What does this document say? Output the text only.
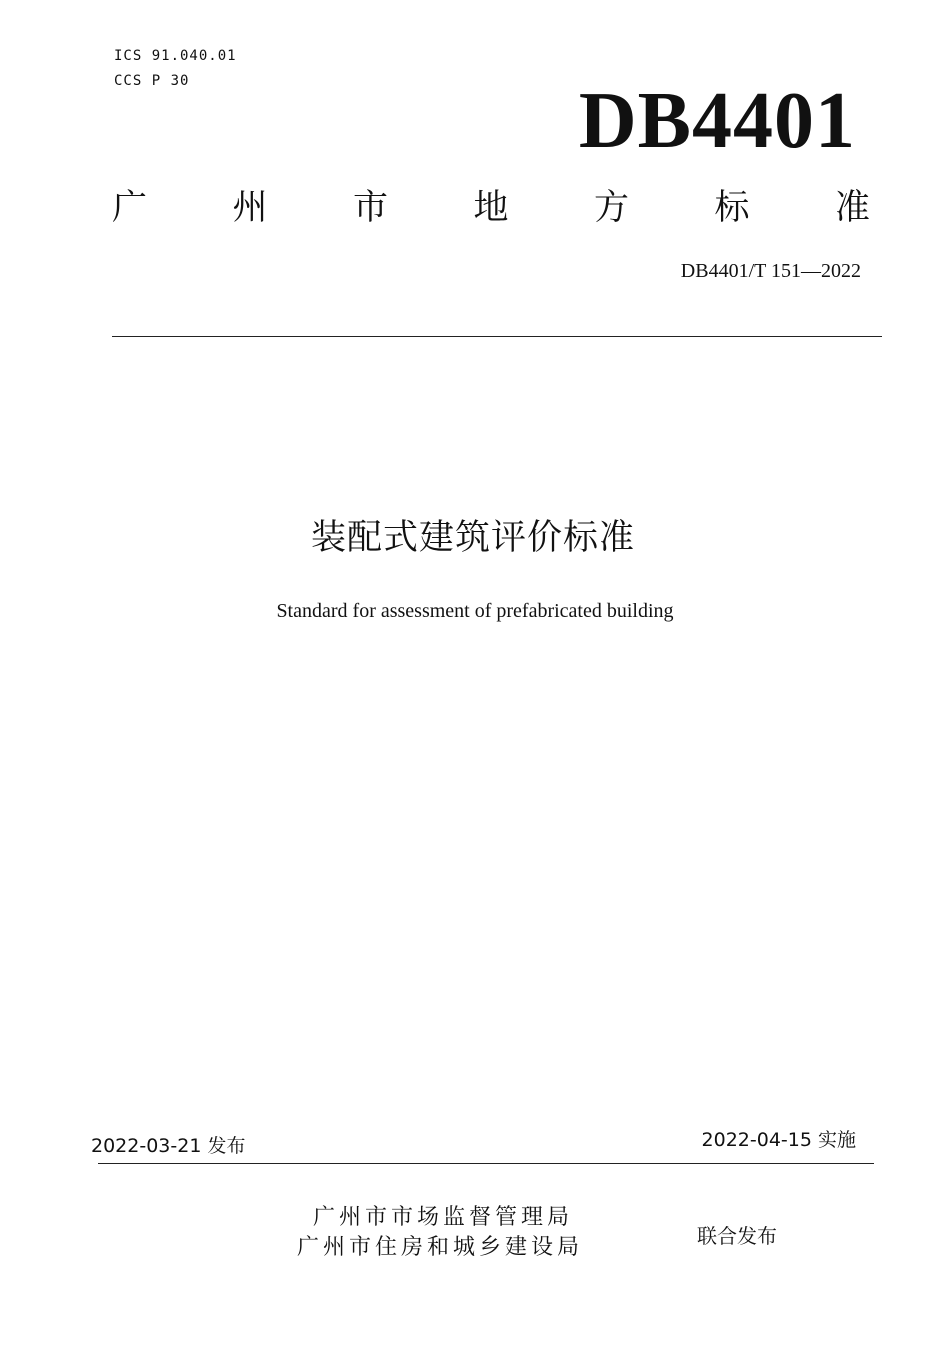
ICS 91.040.01
CCS P 30	DB4401
广 州 市 地 方 标 准
DB4401/T 151—2022
装配式建筑评价标准
Standard for assessment of prefabricated building
2022-03-21 发布	2022-04-15 实施
广州市市场监督管理局
广州市住房和城乡建设局	联合发布
